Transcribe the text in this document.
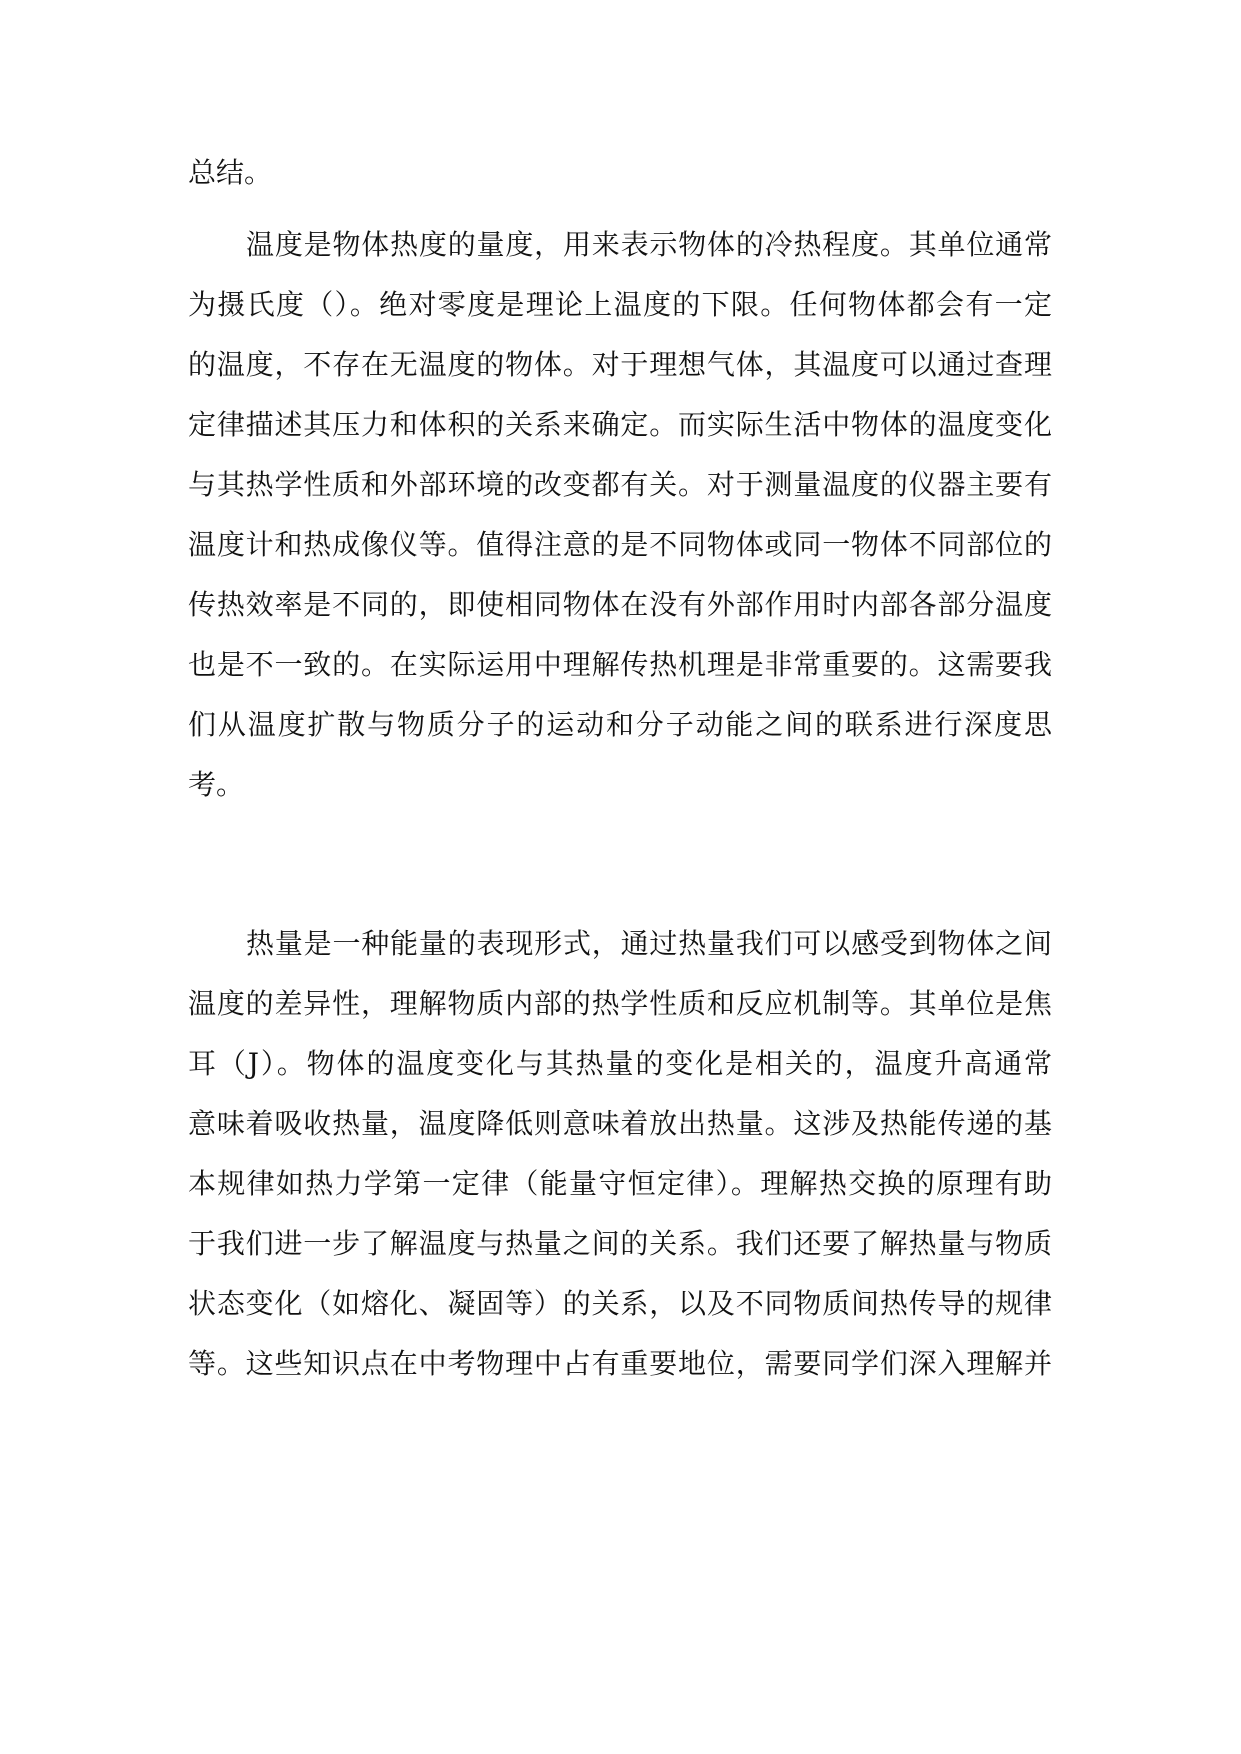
总结。
温度是物体热度的量度，用来表示物体的冷热程度。其单位通常
为摄氏度（）。绝对零度是理论上温度的下限。任何物体都会有一定
的温度，不存在无温度的物体。对于理想气体，其温度可以通过查理
定律描述其压力和体积的关系来确定。而实际生活中物体的温度变化
与其热学性质和外部环境的改变都有关。对于测量温度的仪器主要有
温度计和热成像仪等。值得注意的是不同物体或同一物体不同部位的
传热效率是不同的，即使相同物体在没有外部作用时内部各部分温度
也是不一致的。在实际运用中理解传热机理是非常重要的。这需要我
们从温度扩散与物质分子的运动和分子动能之间的联系进行深度思
考。
热量是一种能量的表现形式，通过热量我们可以感受到物体之间
温度的差异性，理解物质内部的热学性质和反应机制等。其单位是焦
耳（J）。物体的温度变化与其热量的变化是相关的，温度升高通常
意味着吸收热量，温度降低则意味着放出热量。这涉及热能传递的基
本规律如热力学第一定律（能量守恒定律）。理解热交换的原理有助
于我们进一步了解温度与热量之间的关系。我们还要了解热量与物质
状态变化（如熔化、凝固等）的关系，以及不同物质间热传导的规律
等。这些知识点在中考物理中占有重要地位，需要同学们深入理解并
